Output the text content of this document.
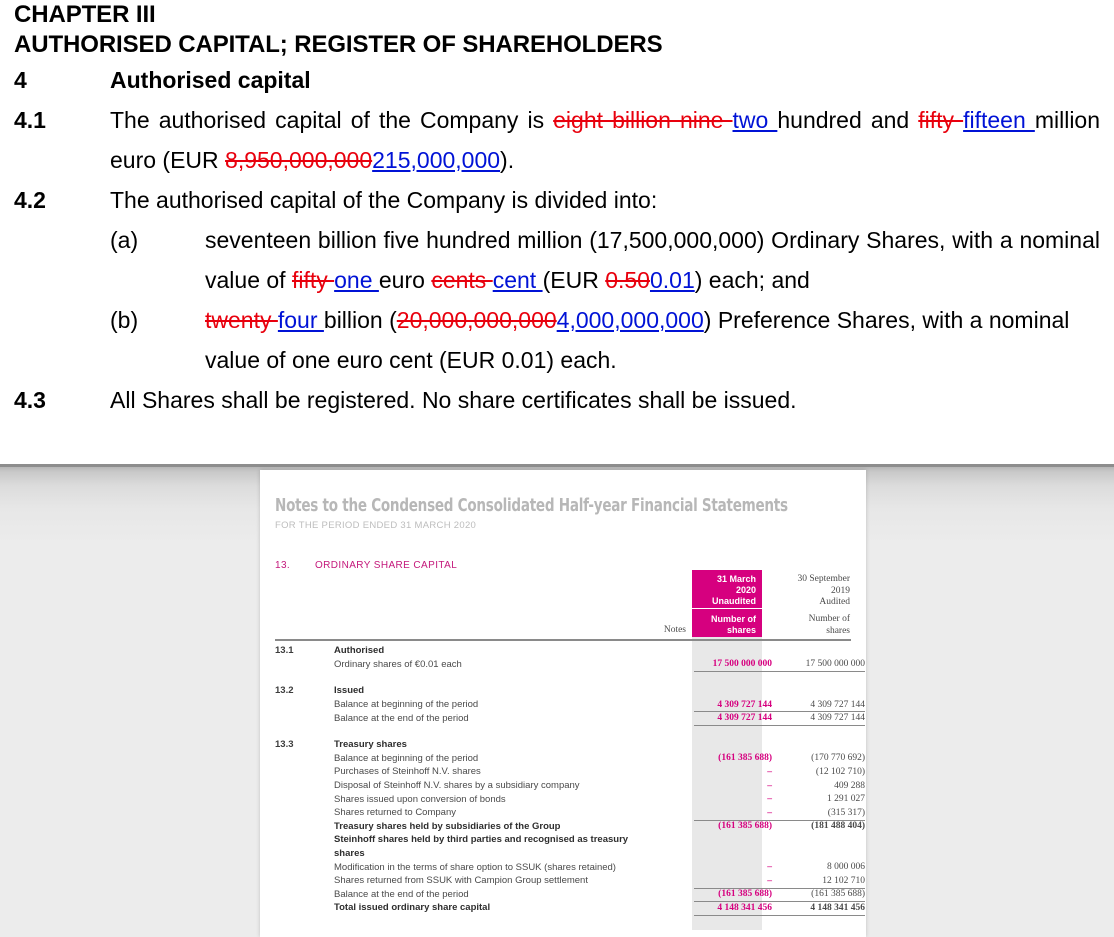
CHAPTER III
AUTHORISED CAPITAL; REGISTER OF SHAREHOLDERS
4	Authorised capital
4.1	The authorised capital of the Company is eight billion nine two hundred and fifty fifteen million euro (EUR 8,950,000,000215,000,000).
4.2	The authorised capital of the Company is divided into:
(a)	seventeen billion five hundred million (17,500,000,000) Ordinary Shares, with a nominal value of fifty one euro cents cent (EUR 0.500.01) each; and
(b)	twenty four billion (20,000,000,0004,000,000,000) Preference Shares, with a nominal value of one euro cent (EUR 0.01) each.
4.3	All Shares shall be registered. No share certificates shall be issued.
Notes to the Condensed Consolidated Half-year Financial Statements
FOR THE PERIOD ENDED 31 MARCH 2020
13. ORDINARY SHARE CAPITAL
31 March
2020
Unaudited
Number of
shares
30 September
2019
Audited
Number of
shares
Notes
13.1	Authorised
Ordinary shares of €0.01 each	17 500 000 000	17 500 000 000
13.2	Issued
Balance at beginning of the period	4 309 727 144	4 309 727 144
Balance at the end of the period	4 309 727 144	4 309 727 144
13.3	Treasury shares
Balance at beginning of the period	(161 385 688)	(170 770 692)
Purchases of Steinhoff N.V. shares	–	(12 102 710)
Disposal of Steinhoff N.V. shares by a subsidiary company	–	409 288
Shares issued upon conversion of bonds	–	1 291 027
Shares returned to Company	–	(315 317)
Treasury shares held by subsidiaries of the Group	(161 385 688)	(181 488 404)
Steinhoff shares held by third parties and recognised as treasury
shares
Modification in the terms of share option to SSUK (shares retained)	–	8 000 006
Shares returned from SSUK with Campion Group settlement	–	12 102 710
Balance at the end of the period	(161 385 688)	(161 385 688)
Total issued ordinary share capital	4 148 341 456	4 148 341 456
